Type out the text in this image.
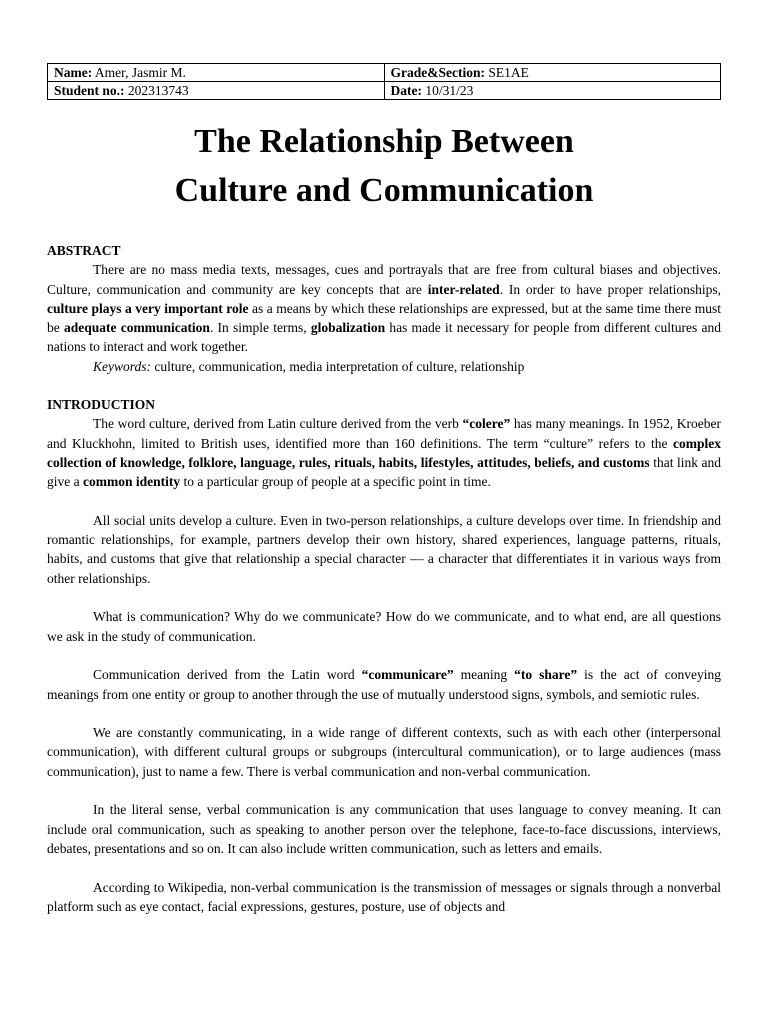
Name: Amer, Jasmir M.	Grade&Section: SE1AE
Student no.: 202313743	Date: 10/31/23
The Relationship Between
Culture and Communication
ABSTRACT

There are no mass media texts, messages, cues and portrayals that are free from cultural biases and objectives. Culture, communication and community are key concepts that are inter-related. In order to have proper relationships, culture plays a very important role as a means by which these relationships are expressed, but at the same time there must be adequate communication. In simple terms, globalization has made it necessary for people from different cultures and nations to interact and work together.

Keywords: culture, communication, media interpretation of culture, relationship

INTRODUCTION

The word culture, derived from Latin culture derived from the verb “colere” has many meanings. In 1952, Kroeber and Kluckhohn, limited to British uses, identified more than 160 definitions. The term “culture” refers to the complex collection of knowledge, folklore, language, rules, rituals, habits, lifestyles, attitudes, beliefs, and customs that link and give a common identity to a particular group of people at a specific point in time.

All social units develop a culture. Even in two-person relationships, a culture develops over time. In friendship and romantic relationships, for example, partners develop their own history, shared experiences, language patterns, rituals, habits, and customs that give that relationship a special character — a character that differentiates it in various ways from other relationships.

What is communication? Why do we communicate? How do we communicate, and to what end, are all questions we ask in the study of communication.

Communication derived from the Latin word “communicare” meaning “to share” is the act of conveying meanings from one entity or group to another through the use of mutually understood signs, symbols, and semiotic rules.

We are constantly communicating, in a wide range of different contexts, such as with each other (interpersonal communication), with different cultural groups or subgroups (intercultural communication), or to large audiences (mass communication), just to name a few. There is verbal communication and non-verbal communication.

In the literal sense, verbal communication is any communication that uses language to convey meaning. It can include oral communication, such as speaking to another person over the telephone, face-to-face discussions, interviews, debates, presentations and so on. It can also include written communication, such as letters and emails.

According to Wikipedia, non-verbal communication is the transmission of messages or signals through a nonverbal platform such as eye contact, facial expressions, gestures, posture, use of objects and
